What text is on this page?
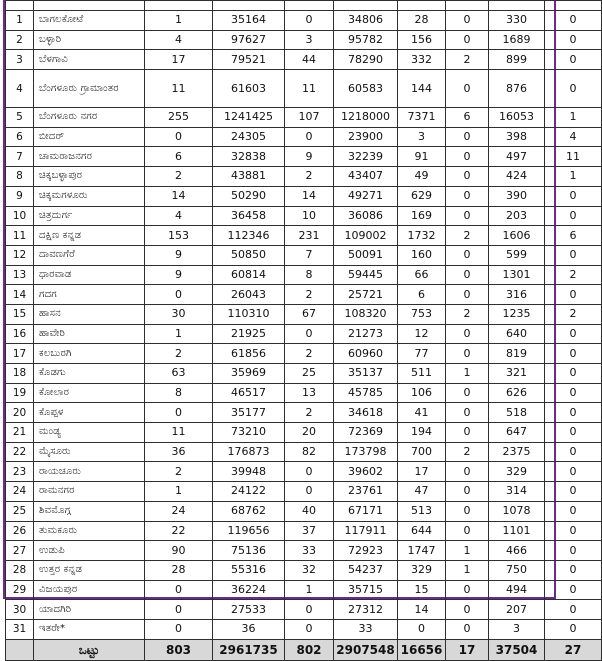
1	ಬಾಗಲಕೋಟೆ	1	35164	0	34806	28	0	330	0
2	ಬಳ್ಳಾರಿ	4	97627	3	95782	156	0	1689	0
3	ಬೆಳಗಾವಿ	17	79521	44	78290	332	2	899	0
4	ಬೆಂಗಳೂರು ಗ್ರಾಮಾಂತರ	11	61603	11	60583	144	0	876	0
5	ಬೆಂಗಳೂರು ನಗರ	255	1241425	107	1218000	7371	6	16053	1
6	ಬೀದರ್	0	24305	0	23900	3	0	398	4
7	ಚಾಮರಾಜನಗರ	6	32838	9	32239	91	0	497	11
8	ಚಿಕ್ಕಬಳ್ಳಾಪುರ	2	43881	2	43407	49	0	424	1
9	ಚಿಕ್ಕಮಗಳೂರು	14	50290	14	49271	629	0	390	0
10	ಚಿತ್ರದುರ್ಗ	4	36458	10	36086	169	0	203	0
11	ದಕ್ಷಿಣ ಕನ್ನಡ	153	112346	231	109002	1732	2	1606	6
12	ದಾವಣಗೆರೆ	9	50850	7	50091	160	0	599	0
13	ಧಾರವಾಡ	9	60814	8	59445	66	0	1301	2
14	ಗದಗ	0	26043	2	25721	6	0	316	0
15	ಹಾಸನ	30	110310	67	108320	753	2	1235	2
16	ಹಾವೇರಿ	1	21925	0	21273	12	0	640	0
17	ಕಲಬುರಗಿ	2	61856	2	60960	77	0	819	0
18	ಕೊಡಗು	63	35969	25	35137	511	1	321	0
19	ಕೋಲಾರ	8	46517	13	45785	106	0	626	0
20	ಕೊಪ್ಪಳ	0	35177	2	34618	41	0	518	0
21	ಮಂಡ್ಯ	11	73210	20	72369	194	0	647	0
22	ಮೈಸೂರು	36	176873	82	173798	700	2	2375	0
23	ರಾಯಚೂರು	2	39948	0	39602	17	0	329	0
24	ರಾಮನಗರ	1	24122	0	23761	47	0	314	0
25	ಶಿವಮೊಗ್ಗ	24	68762	40	67171	513	0	1078	0
26	ತುಮಕೂರು	22	119656	37	117911	644	0	1101	0
27	ಉಡುಪಿ	90	75136	33	72923	1747	1	466	0
28	ಉತ್ತರ ಕನ್ನಡ	28	55316	32	54237	329	1	750	0
29	ವಿಜಯಪುರ	0	36224	1	35715	15	0	494	0
30	ಯಾದಗಿರಿ	0	27533	0	27312	14	0	207	0
31	ಇತರೇ*	0	36	0	33	0	0	3	0
	ಒಟ್ಟು	803	2961735	802	2907548	16656	17	37504	27
